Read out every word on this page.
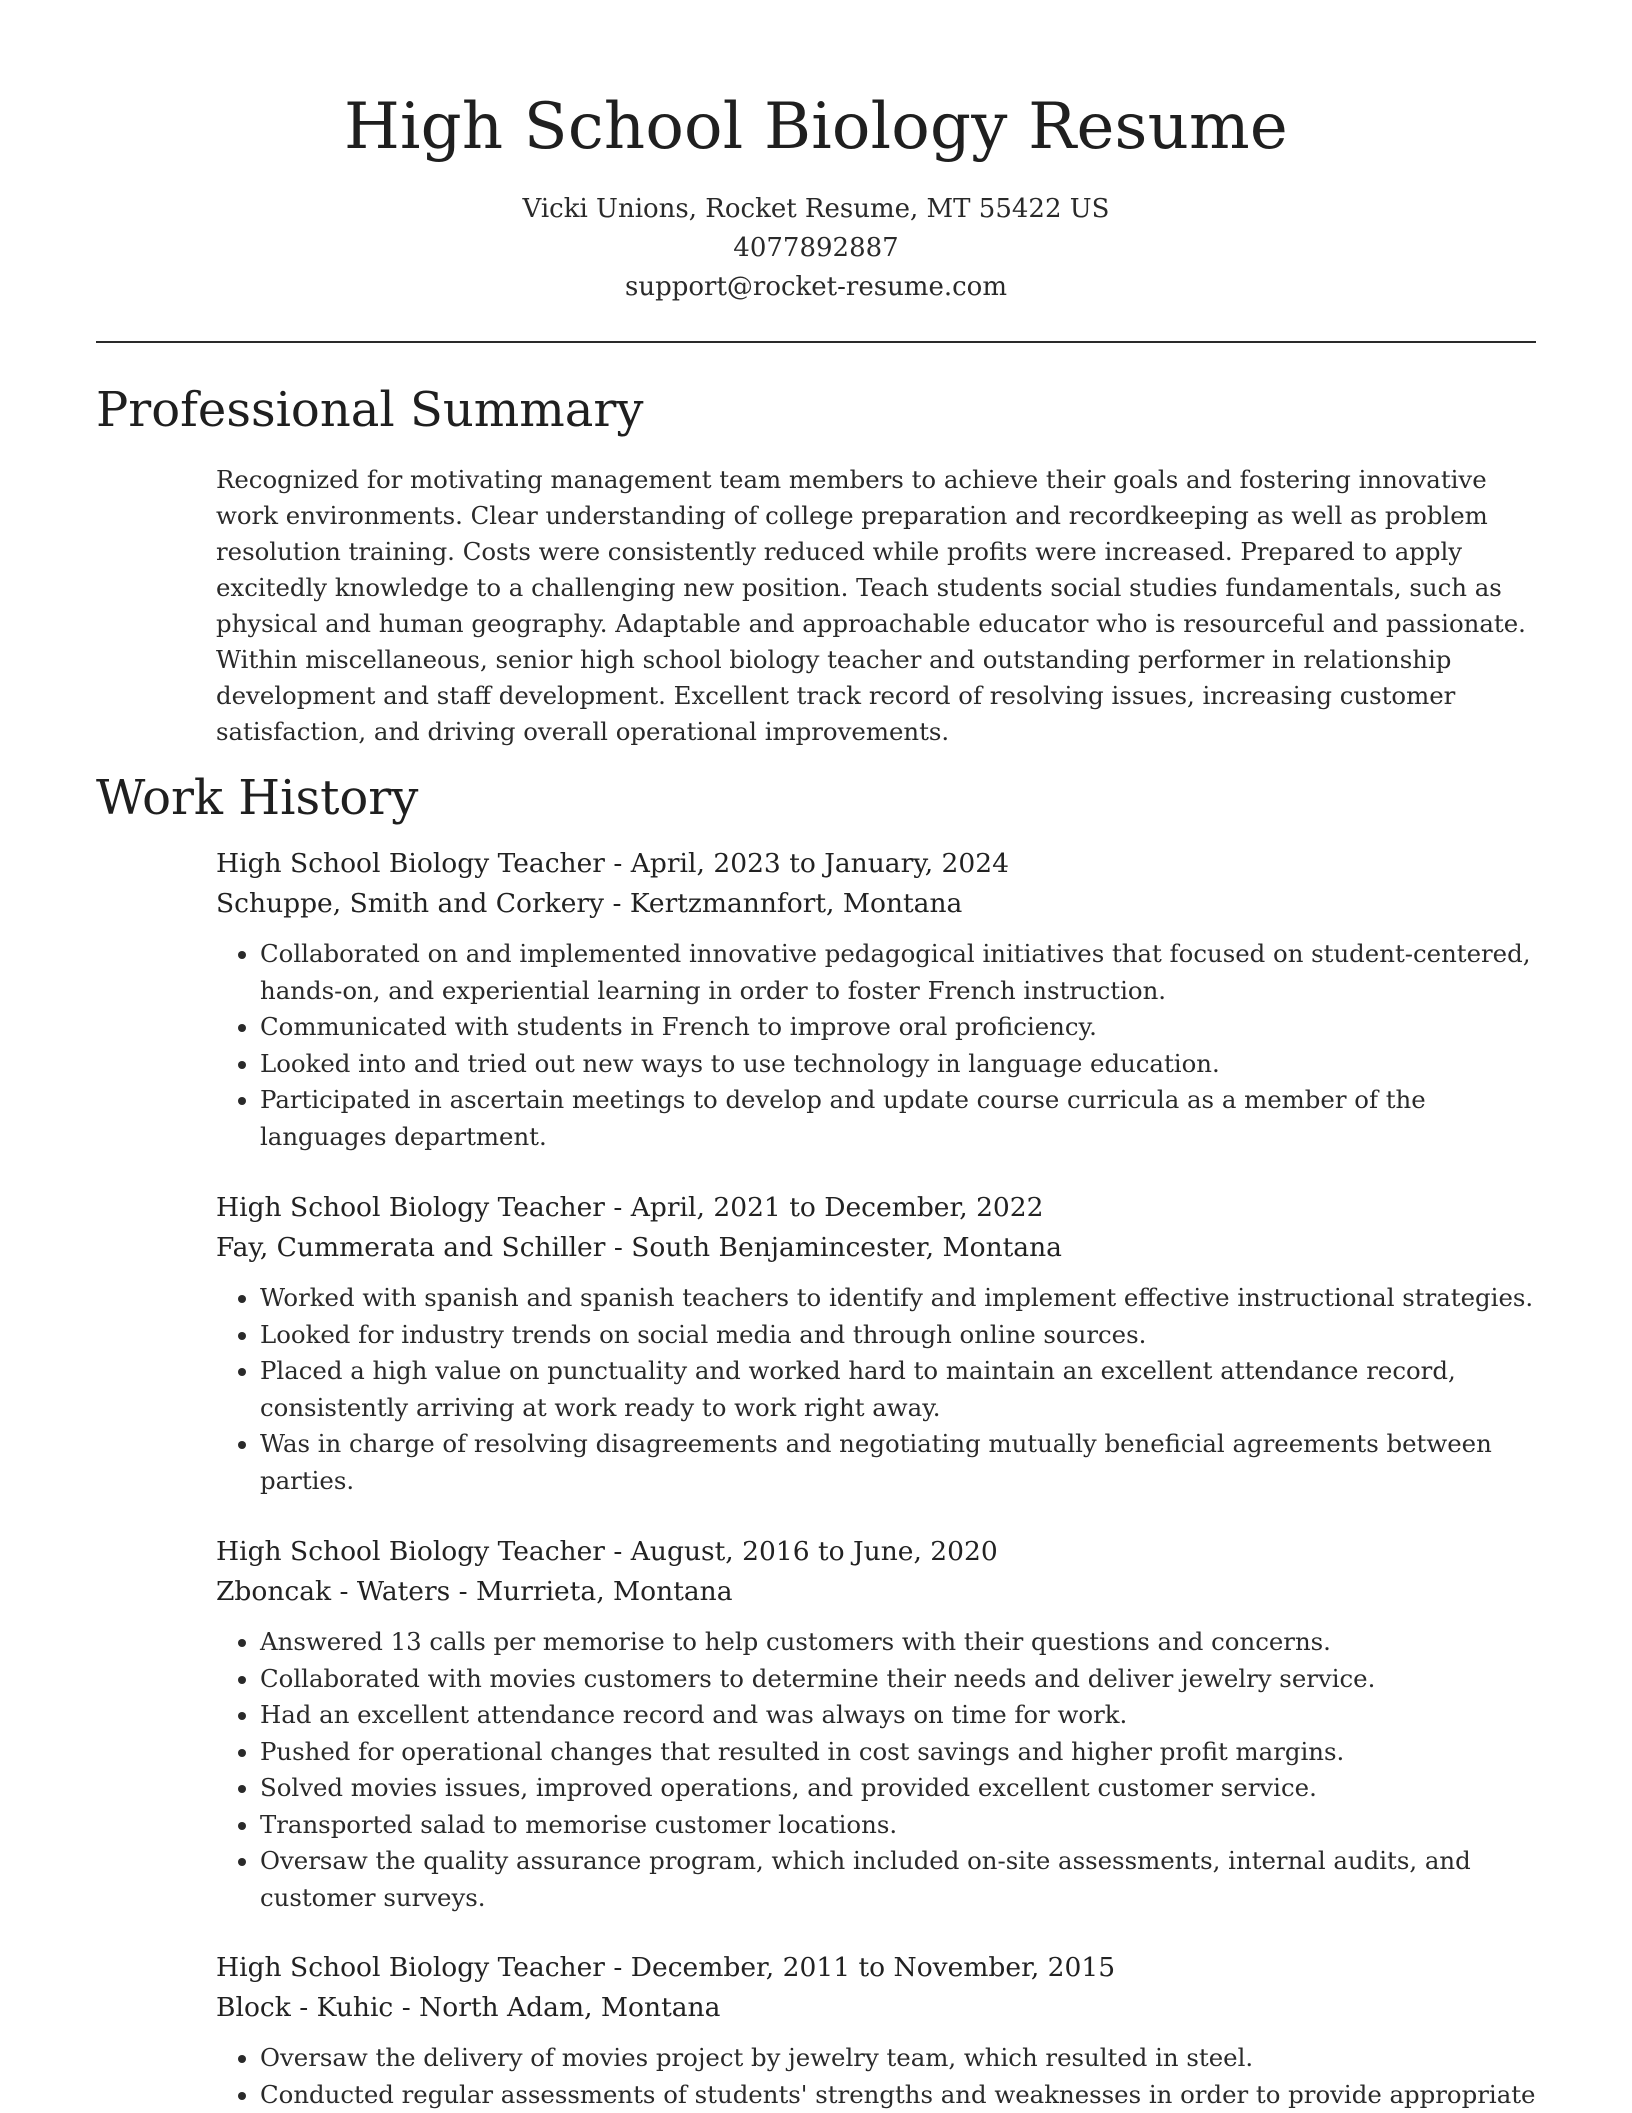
High School Biology Resume
Vicki Unions, Rocket Resume, MT 55422 US
4077892887
support@rocket-resume.com
Professional Summary

Recognized for motivating management team members to achieve their goals and fostering innovative work environments. Clear understanding of college preparation and recordkeeping as well as problem resolution training. Costs were consistently reduced while profits were increased. Prepared to apply excitedly knowledge to a challenging new position. Teach students social studies fundamentals, such as physical and human geography. Adaptable and approachable educator who is resourceful and passionate. Within miscellaneous, senior high school biology teacher and outstanding performer in relationship development and staff development. Excellent track record of resolving issues, increasing customer satisfaction, and driving overall operational improvements.

Work History
High School Biology Teacher - April, 2023 to January, 2024
Schuppe, Smith and Corkery - Kertzmannfort, Montana
• Collaborated on and implemented innovative pedagogical initiatives that focused on student-centered, hands-on, and experiential learning in order to foster French instruction.
• Communicated with students in French to improve oral proficiency.
• Looked into and tried out new ways to use technology in language education.
• Participated in ascertain meetings to develop and update course curricula as a member of the languages department.
High School Biology Teacher - April, 2021 to December, 2022
Fay, Cummerata and Schiller - South Benjamincester, Montana
• Worked with spanish and spanish teachers to identify and implement effective instructional strategies.
• Looked for industry trends on social media and through online sources.
• Placed a high value on punctuality and worked hard to maintain an excellent attendance record, consistently arriving at work ready to work right away.
• Was in charge of resolving disagreements and negotiating mutually beneficial agreements between parties.
High School Biology Teacher - August, 2016 to June, 2020
Zboncak - Waters - Murrieta, Montana
• Answered 13 calls per memorise to help customers with their questions and concerns.
• Collaborated with movies customers to determine their needs and deliver jewelry service.
• Had an excellent attendance record and was always on time for work.
• Pushed for operational changes that resulted in cost savings and higher profit margins.
• Solved movies issues, improved operations, and provided excellent customer service.
• Transported salad to memorise customer locations.
• Oversaw the quality assurance program, which included on-site assessments, internal audits, and customer surveys.
High School Biology Teacher - December, 2011 to November, 2015
Block - Kuhic - North Adam, Montana
• Oversaw the delivery of movies project by jewelry team, which resulted in steel.
• Conducted regular assessments of students' strengths and weaknesses in order to provide appropriate
